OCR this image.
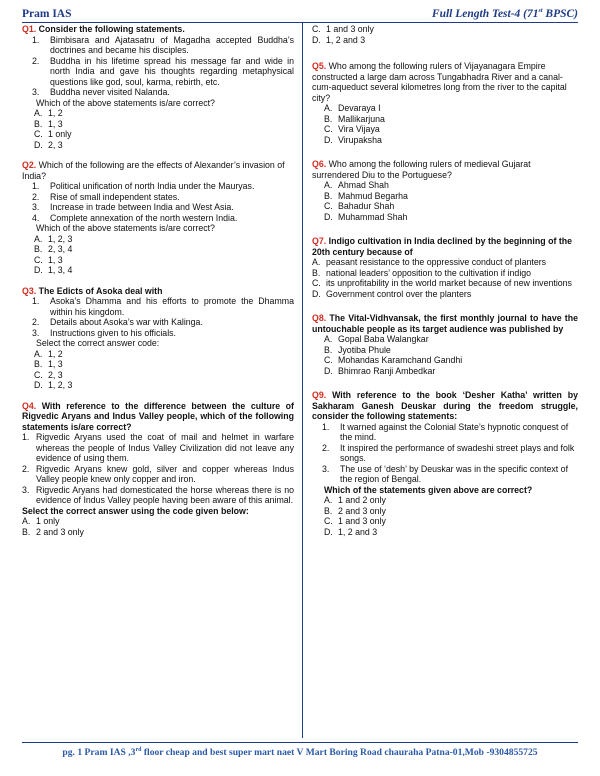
Pram IAS	Full Length Test-4 (71st BPSC)

Q1. Consider the following statements.

1. Bimbisara and Ajatasatru of Magadha accepted Buddha’s doctrines and became his disciples.
2. Buddha in his lifetime spread his message far and wide in north India and gave his thoughts regarding metaphysical questions like god, soul, karma, rebirth, etc.
3. Buddha never visited Nalanda.
Which of the above statements is/are correct?
A. 1, 2
B. 1, 3
C. 1 only
D. 2, 3

Q2. Which of the following are the effects of Alexander’s invasion of India?

1. Political unification of north India under the Mauryas.
2. Rise of small independent states.
3. Increase in trade between India and West Asia.
4. Complete annexation of the north western India.
Which of the above statements is/are correct?
A. 1, 2, 3
B. 2, 3, 4
C. 1, 3
D. 1, 3, 4

Q3. The Edicts of Asoka deal with

1. Asoka’s Dhamma and his efforts to promote the Dhamma within his kingdom.
2. Details about Asoka’s war with Kalinga.
3. Instructions given to his officials.
Select the correct answer code:
A. 1, 2
B. 1, 3
C. 2, 3
D. 1, 2, 3

Q4. With reference to the difference between the culture of Rigvedic Aryans and Indus Valley people, which of the following statements is/are correct?

1. Rigvedic Aryans used the coat of mail and helmet in warfare whereas the people of Indus Valley Civilization did not leave any evidence of using them.
2. Rigvedic Aryans knew gold, silver and copper whereas Indus Valley people knew only copper and iron.
3. Rigvedic Aryans had domesticated the horse whereas there is no evidence of Indus Valley people having been aware of this animal.
Select the correct answer using the code given below:
A. 1 only
B. 2 and 3 only
C. 1 and 3 only
D. 1, 2 and 3

Q5. Who among the following rulers of Vijayanagara Empire constructed a large dam across Tungabhadra River and a canal-cum-aqueduct several kilometres long from the river to the capital city?

A. Devaraya I
B. Mallikarjuna
C. Vira Vijaya
D. Virupaksha

Q6. Who among the following rulers of medieval Gujarat surrendered Diu to the Portuguese?

A. Ahmad Shah
B. Mahmud Begarha
C. Bahadur Shah
D. Muhammad Shah

Q7. Indigo cultivation in India declined by the beginning of the 20th century because of

A. peasant resistance to the oppressive conduct of planters
B. national leaders’ opposition to the cultivation if indigo
C. its unprofitability in the world market because of new inventions
D. Government control over the planters

Q8. The Vital-Vidhvansak, the first monthly journal to have the untouchable people as its target audience was published by

A. Gopal Baba Walangkar
B. Jyotiba Phule
C. Mohandas Karamchand Gandhi
D. Bhimrao Ranji Ambedkar

Q9. With reference to the book ‘Desher Katha’ written by Sakharam Ganesh Deuskar during the freedom struggle, consider the following statements:

1. It warned against the Colonial State’s hypnotic conquest of the mind.
2. It inspired the performance of swadeshi street plays and folk songs.
3. The use of ‘desh’ by Deuskar was in the specific context of the region of Bengal.
Which of the statements given above are correct?
A. 1 and 2 only
B. 2 and 3 only
C. 1 and 3 only
D. 1, 2 and 3
pg. 1 Pram IAS ,3rd floor cheap and best super mart naet V Mart Boring Road chauraha Patna-01,Mob -9304855725
